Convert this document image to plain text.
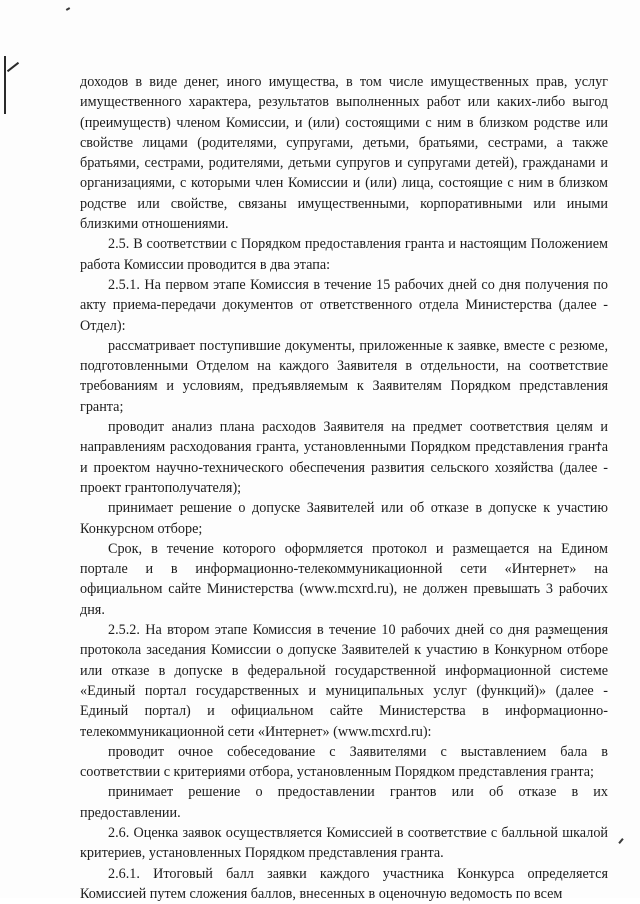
доходов в виде денег, иного имущества, в том числе имущественных прав, услуг имущественного характера, результатов выполненных работ или каких-либо выгод (преимуществ) членом Комиссии, и (или) состоящими с ним в близком родстве или свойстве лицами (родителями, супругами, детьми, братьями, сестрами, а также братьями, сестрами, родителями, детьми супругов и супругами детей), гражданами и организациями, с которыми член Комиссии и (или) лица, состоящие с ним в близком родстве или свойстве, связаны имущественными, корпоративными или иными близкими отношениями.

2.5. В соответствии с Порядком предоставления гранта и настоящим Положением работа Комиссии проводится в два этапа:

2.5.1. На первом этапе Комиссия в течение 15 рабочих дней со дня получения по акту приема-передачи документов от ответственного отдела Министерства (далее - Отдел):

рассматривает поступившие документы, приложенные к заявке, вместе с резюме, подготовленными Отделом на каждого Заявителя в отдельности, на соответствие требованиям и условиям, предъявляемым к Заявителям Порядком представления гранта;

проводит анализ плана расходов Заявителя на предмет соответствия целям и направлениям расходования гранта, установленными Порядком представления гранта и проектом научно-технического обеспечения развития сельского хозяйства (далее - проект грантополучателя);

принимает решение о допуске Заявителей или об отказе в допуске к участию Конкурсном отборе;

Срок, в течение которого оформляется протокол и размещается на Едином портале и в информационно-телекоммуникационной сети «Интернет» на официальном сайте Министерства (www.mcxrd.ru), не должен превышать 3 рабочих дня.

2.5.2. На втором этапе Комиссия в течение 10 рабочих дней со дня размещения протокола заседания Комиссии о допуске Заявителей к участию в Конкурном отборе или отказе в допуске в федеральной государственной информационной системе «Единый портал государственных и муниципальных услуг (функций)» (далее - Единый портал) и официальном сайте Министерства в информационно-телекоммуникационной сети «Интернет» (www.mcxrd.ru):

проводит очное собеседование с Заявителями с выставлением бала в соответствии с критериями отбора, установленным Порядком представления гранта;

принимает решение о предоставлении грантов или об отказе в их предоставлении.

2.6. Оценка заявок осуществляется Комиссией в соответствие с балльной шкалой критериев, установленных Порядком представления гранта.

2.6.1. Итоговый балл заявки каждого участника Конкурса определяется Комиссией путем сложения баллов, внесенных в оценочную ведомость по всем
